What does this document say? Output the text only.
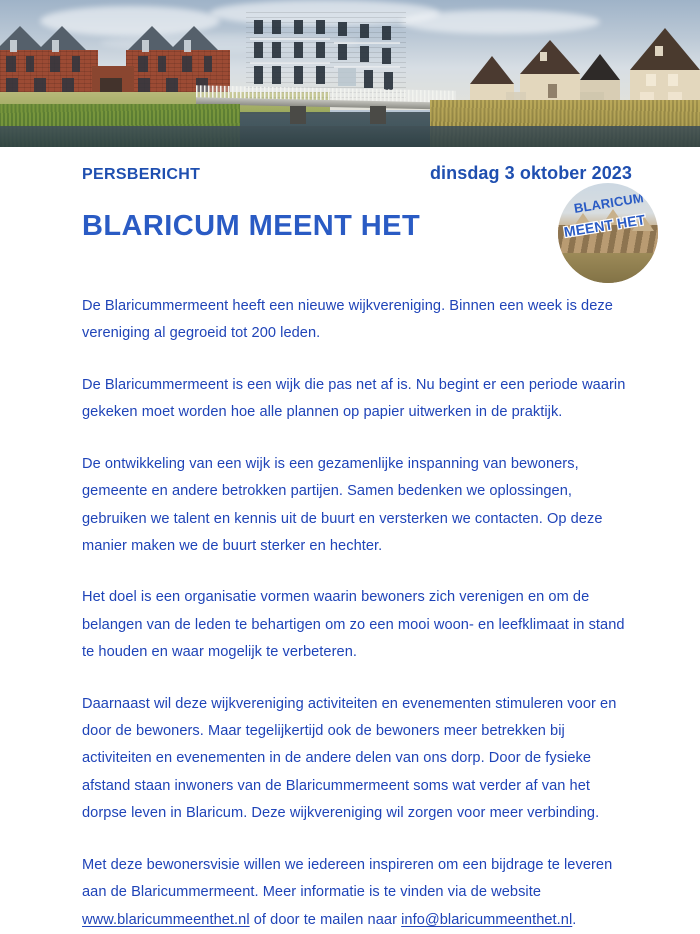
PERSBERICHT	dinsdag 3 oktober 2023
BLARICUM MEENT HET
BLARICUM
MEENT HET

De Blaricummermeent heeft een nieuwe wijkvereniging. Binnen een week is deze vereniging al gegroeid tot 200 leden.

De Blaricummermeent is een wijk die pas net af is. Nu begint er een periode waarin gekeken moet worden hoe alle plannen op papier uitwerken in de praktijk.

De ontwikkeling van een wijk is een gezamenlijke inspanning van bewoners, gemeente en andere betrokken partijen. Samen bedenken we oplossingen, gebruiken we talent en kennis uit de buurt en versterken we contacten. Op deze manier maken we de buurt sterker en hechter.

Het doel is een organisatie vormen waarin bewoners zich verenigen en om de belangen van de leden te behartigen om zo een mooi woon- en leefklimaat in stand te houden en waar mogelijk te verbeteren.

Daarnaast wil deze wijkvereniging activiteiten en evenementen stimuleren voor en door de bewoners. Maar tegelijkertijd ook de bewoners meer betrekken bij activiteiten en evenementen in de andere delen van ons dorp. Door de fysieke afstand staan inwoners van de Blaricummermeent soms wat verder af van het dorpse leven in Blaricum. Deze wijkvereniging wil zorgen voor meer verbinding.

Met deze bewonersvisie willen we iedereen inspireren om een bijdrage te leveren aan de Blaricummermeent. Meer informatie is te vinden via de website www.blaricummeenthet.nl of door te mailen naar info@blaricummeenthet.nl.
